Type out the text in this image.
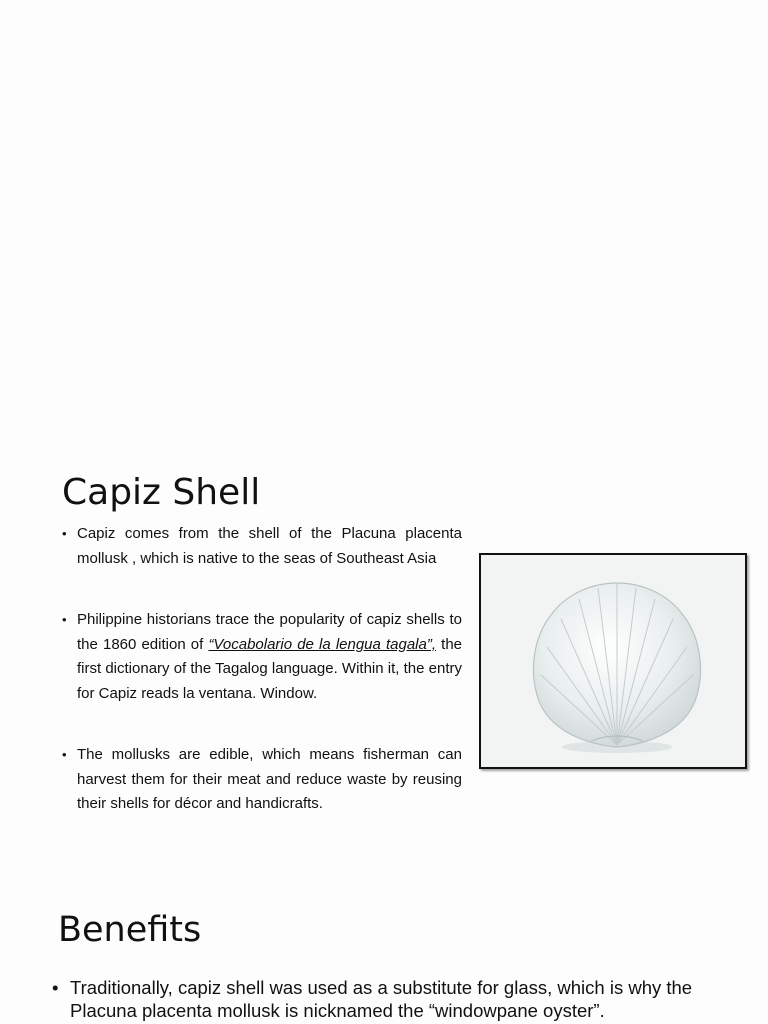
Capiz Shell
• Capiz comes from the shell of the Placuna placenta mollusk , which is native to the seas of Southeast Asia
• Philippine historians trace the popularity of capiz shells to the 1860 edition of “Vocabolario de la lengua tagala”, the first dictionary of the Tagalog language. Within it, the entry for Capiz reads la ventana. Window.
• The mollusks are edible, which means fisherman can harvest them for their meat and reduce waste by reusing their shells for décor and handicrafts.
Benefits
• Traditionally, capiz shell was used as a substitute for glass, which is why the Placuna placenta mollusk is nicknamed the “windowpane oyster”.
